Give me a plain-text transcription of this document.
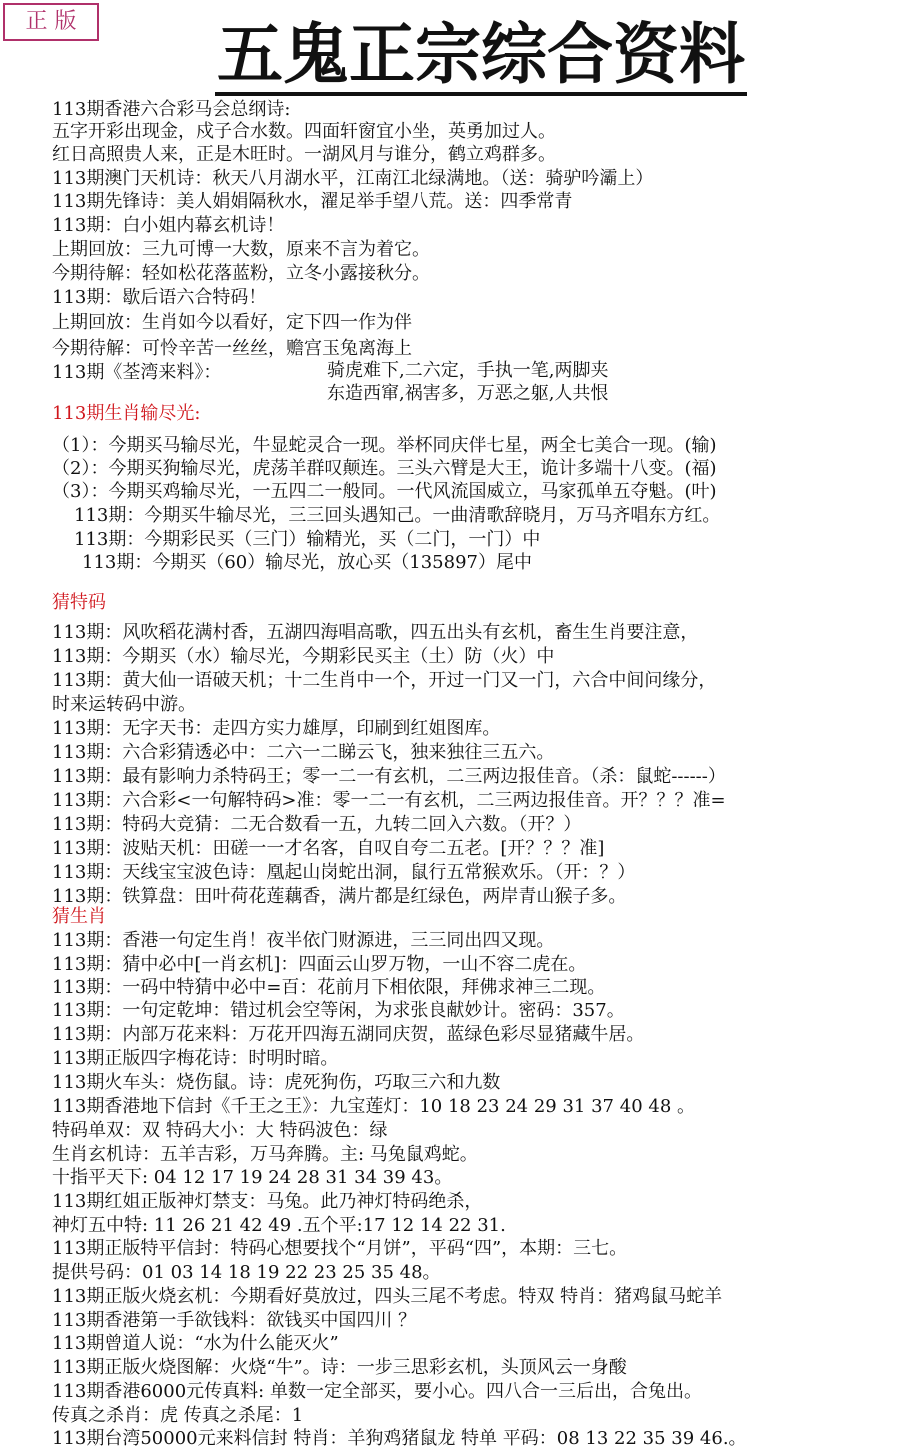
正 版	五鬼正宗综合资料
113期香港六合彩马会总纲诗:
五字开彩出现金，戍子合水数。四面轩窗宜小坐，英勇加过人。
红日高照贵人来，正是木旺时。一湖风月与谁分，鹤立鸡群多。
113期澳门天机诗：秋天八月湖水平，江南江北绿满地。（送：骑驴吟灞上）
113期先锋诗：美人娟娟隔秋水，濯足举手望八荒。送：四季常青
113期：白小姐内幕玄机诗！
上期回放：三九可博一大数，原来不言为着它。
今期待解：轻如松花落蓝粉，立冬小露接秋分。
113期：歇后语六合特码！
上期回放：生肖如今以看好，定下四一作为伴
今期待解：可怜辛苦一丝丝，赡宫玉兔离海上
113期《荃湾来料》：
113期生肖输尽光:
（1）：今期买马输尽光，牛显蛇灵合一现。举杯同庆伴七星，两全七美合一现。(输)
（2）：今期买狗输尽光，虎荡羊群叹颠连。三头六臂是大王，诡计多端十八变。(福)
（3）：今期买鸡输尽光，一五四二一般同。一代风流国威立，马家孤单五夺魁。(叶)
113期：今期买牛输尽光，三三回头遇知己。一曲清歌辞晓月，万马齐唱东方红。
113期：今期彩民买（三门）输精光，买（二门，一门）中
113期：今期买（60）输尽光，放心买（135897）尾中
猜特码
113期：风吹稻花满村香，五湖四海唱高歌，四五出头有玄机，畜生生肖要注意，
113期：今期买（水）输尽光，今期彩民买主（土）防（火）中
113期：黄大仙一语破天机；十二生肖中一个，开过一门又一门，六合中间问缘分，
时来运转码中游。
113期：无字天书：走四方实力雄厚，印刷到红姐图库。
113期：六合彩猜透必中：二六一二睇云飞，独来独往三五六。
113期：最有影响力杀特码王；零一二一有玄机，二三两边报佳音。（杀：鼠蛇------）
113期：六合彩<一句解特码>准：零一二一有玄机，二三两边报佳音。开？？？准=
113期：特码大竞猜：二无合数看一五，九转二回入六数。（开？）
113期：波贴天机：田磋一一才名客，自叹自夸二五老。[开？？？准]
113期：天线宝宝波色诗：凰起山岗蛇出洞，鼠行五常猴欢乐。（开：？）
113期：铁算盘：田叶荷花莲藕香，满片都是红绿色，两岸青山猴子多。
猜生肖
113期：香港一句定生肖！夜半依门财源进，三三同出四又现。
113期：猜中必中[一肖玄机]：四面云山罗万物，一山不容二虎在。
113期：一码中特猜中必中=百：花前月下相依限，拜佛求神三二现。
113期：一句定乾坤：错过机会空等闲，为求张良献妙计。密码：357。
113期：内部万花来料：万花开四海五湖同庆贺，蓝绿色彩尽显猪藏牛居。
113期正版四字梅花诗：时明时暗。
113期火车头：烧伤鼠。诗：虎死狗伤，巧取三六和九数
113期香港地下信封《千王之王》：九宝莲灯：10 18 23 24 29 31 37 40 48 。
特码单双：双 特码大小：大 特码波色：绿
生肖玄机诗：五羊吉彩，万马奔腾。主: 马兔鼠鸡蛇。
十指平天下: 04 12 17 19 24 28 31 34 39 43。
113期红姐正版神灯禁支：马兔。此乃神灯特码绝杀，
神灯五中特: 11 26 21 42 49 .五个平:17 12 14 22 31.
113期正版特平信封：特码心想要找个“月饼”，平码“四”，本期：三七。
提供号码：01 03 14 18 19 22 23 25 35 48。
113期正版火烧玄机：今期看好莫放过，四头三尾不考虑。特双 特肖：猪鸡鼠马蛇羊
113期香港第一手欲钱料：欲钱买中国四川 ？
113期曾道人说：“水为什么能灭火”
113期正版火烧图解：火烧“牛”。诗：一步三思彩玄机，头顶风云一身酸
113期香港6000元传真料: 单数一定全部买，要小心。四八合一三后出，合兔出。
传真之杀肖：虎 传真之杀尾：1
113期台湾50000元来料信封 特肖：羊狗鸡猪鼠龙 特单 平码：08 13 22 35 39 46.。
骑虎难下,二六定，手执一笔,两脚夹
东造西窜,祸害多，万恶之躯,人共恨
